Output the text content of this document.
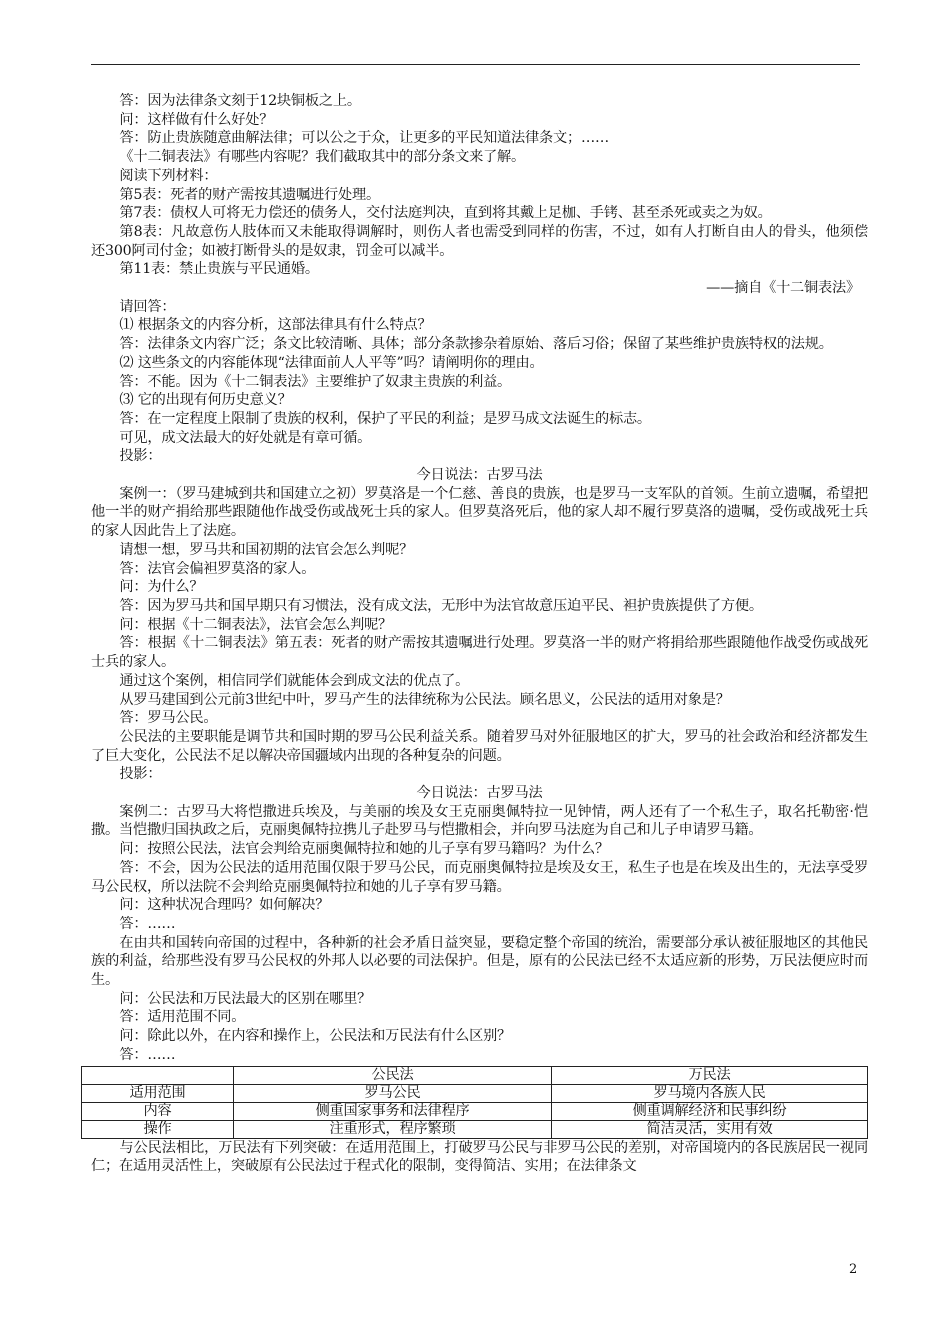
答：因为法律条文刻于12块铜板之上。

问：这样做有什么好处？

答：防止贵族随意曲解法律；可以公之于众，让更多的平民知道法律条文；……

《十二铜表法》有哪些内容呢？我们截取其中的部分条文来了解。

阅读下列材料：

第5表：死者的财产需按其遗嘱进行处理。

第7表：债权人可将无力偿还的债务人，交付法庭判决，直到将其戴上足枷、手铐、甚至杀死或卖之为奴。

第8表：凡故意伤人肢体而又未能取得调解时，则伤人者也需受到同样的伤害，不过，如有人打断自由人的骨头，他须偿还300阿司付金；如被打断骨头的是奴隶，罚金可以减半。

第11表：禁止贵族与平民通婚。

——摘自《十二铜表法》

请回答：

⑴ 根据条文的内容分析，这部法律具有什么特点？

答：法律条文内容广泛；条文比较清晰、具体；部分条款掺杂着原始、落后习俗；保留了某些维护贵族特权的法规。

⑵ 这些条文的内容能体现“法律面前人人平等”吗？请阐明你的理由。

答：不能。因为《十二铜表法》主要维护了奴隶主贵族的利益。

⑶ 它的出现有何历史意义？

答：在一定程度上限制了贵族的权利，保护了平民的利益；是罗马成文法诞生的标志。

可见，成文法最大的好处就是有章可循。

投影：

今日说法：古罗马法

案例一：（罗马建城到共和国建立之初）罗莫洛是一个仁慈、善良的贵族，也是罗马一支军队的首领。生前立遗嘱，希望把他一半的财产捐给那些跟随他作战受伤或战死士兵的家人。但罗莫洛死后，他的家人却不履行罗莫洛的遗嘱，受伤或战死士兵的家人因此告上了法庭。

请想一想，罗马共和国初期的法官会怎么判呢？

答：法官会偏袒罗莫洛的家人。

问：为什么？

答：因为罗马共和国早期只有习惯法，没有成文法，无形中为法官故意压迫平民、袒护贵族提供了方便。

问：根据《十二铜表法》，法官会怎么判呢？

答：根据《十二铜表法》第五表：死者的财产需按其遗嘱进行处理。罗莫洛一半的财产将捐给那些跟随他作战受伤或战死士兵的家人。

通过这个案例，相信同学们就能体会到成文法的优点了。

从罗马建国到公元前3世纪中叶，罗马产生的法律统称为公民法。顾名思义，公民法的适用对象是？

答：罗马公民。

公民法的主要职能是调节共和国时期的罗马公民利益关系。随着罗马对外征服地区的扩大，罗马的社会政治和经济都发生了巨大变化，公民法不足以解决帝国疆域内出现的各种复杂的问题。

投影：

今日说法：古罗马法

案例二：古罗马大将恺撒进兵埃及，与美丽的埃及女王克丽奥佩特拉一见钟情，两人还有了一个私生子，取名托勒密·恺撒。当恺撒归国执政之后，克丽奥佩特拉携儿子赴罗马与恺撒相会，并向罗马法庭为自己和儿子申请罗马籍。

问：按照公民法，法官会判给克丽奥佩特拉和她的儿子享有罗马籍吗？为什么？

答：不会，因为公民法的适用范围仅限于罗马公民，而克丽奥佩特拉是埃及女王，私生子也是在埃及出生的，无法享受罗马公民权，所以法院不会判给克丽奥佩特拉和她的儿子享有罗马籍。

问：这种状况合理吗？如何解决？

答：……

在由共和国转向帝国的过程中，各种新的社会矛盾日益突显，要稳定整个帝国的统治，需要部分承认被征服地区的其他民族的利益，给那些没有罗马公民权的外邦人以必要的司法保护。但是，原有的公民法已经不太适应新的形势，万民法便应时而生。

问：公民法和万民法最大的区别在哪里？

答：适用范围不同。

问：除此以外，在内容和操作上，公民法和万民法有什么区别？

答：……

	公民法	万民法
适用范围	罗马公民	罗马境内各族人民
内容	侧重国家事务和法律程序	侧重调解经济和民事纠纷
操作	注重形式，程序繁琐	简洁灵活，实用有效

与公民法相比，万民法有下列突破：在适用范围上，打破罗马公民与非罗马公民的差别，对帝国境内的各民族居民一视同仁；在适用灵活性上，突破原有公民法过于程式化的限制，变得简洁、实用；在法律条文

2
